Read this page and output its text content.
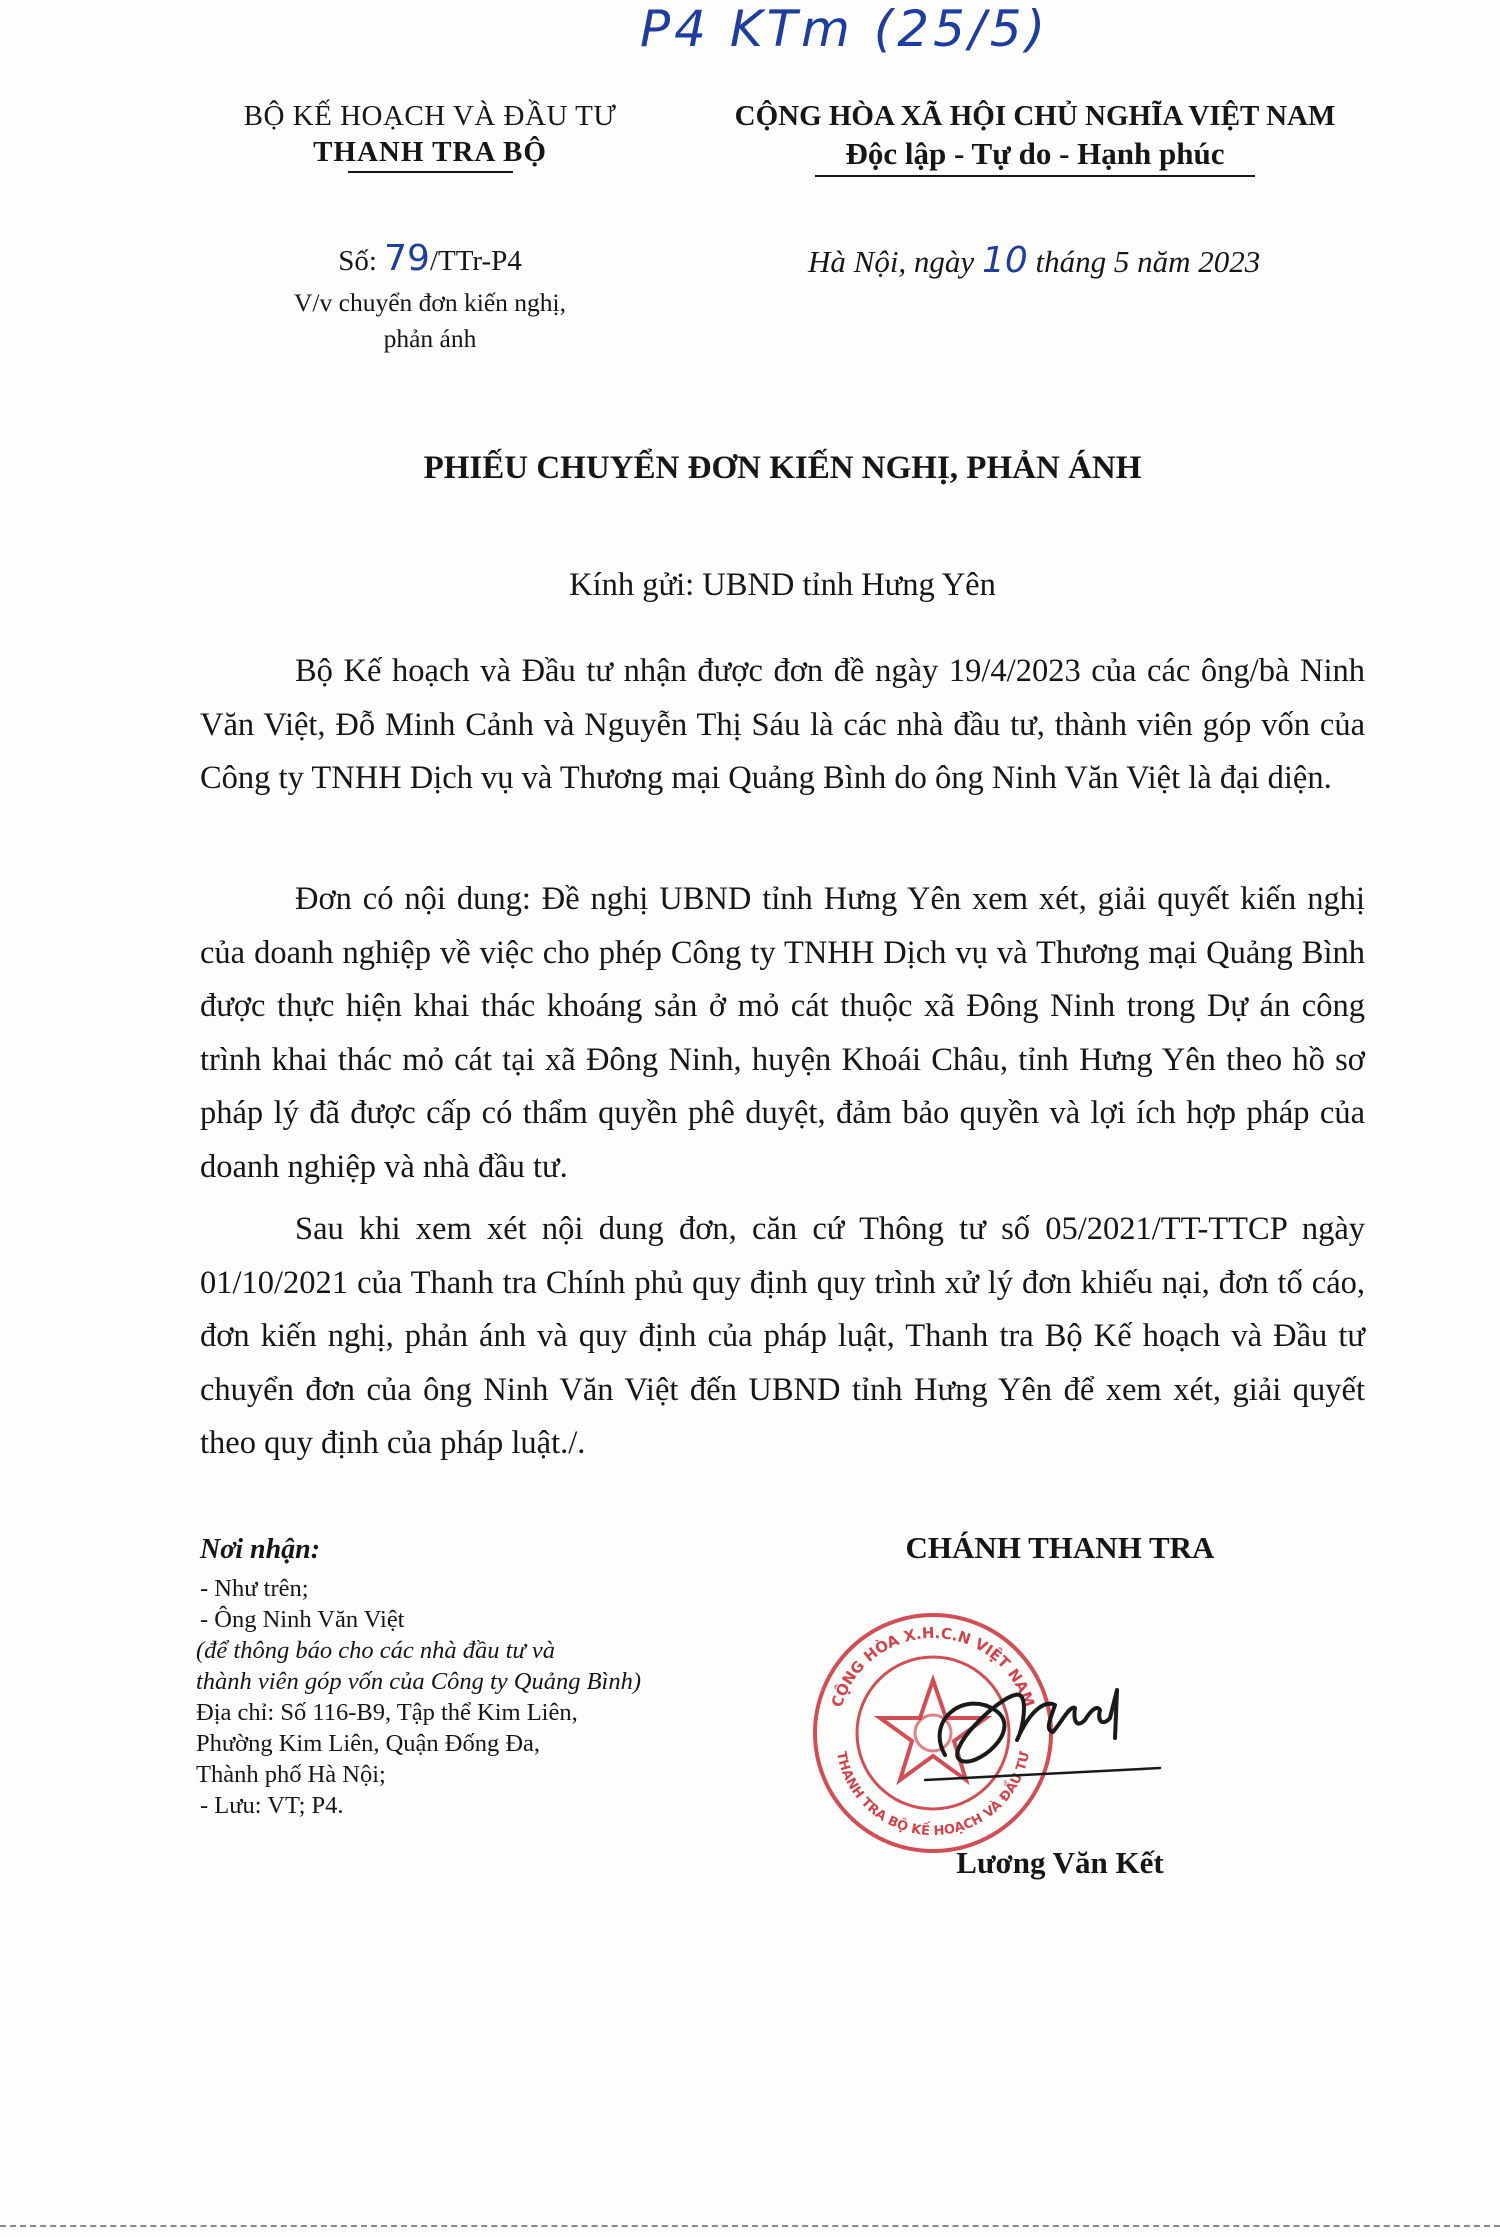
P4 KTm (25/5)
BỘ KẾ HOẠCH VÀ ĐẦU TƯ
THANH TRA BỘ
CỘNG HÒA XÃ HỘI CHỦ NGHĨA VIỆT NAM
Độc lập - Tự do - Hạnh phúc
Số: 79/TTr-P4
V/v chuyển đơn kiến nghị,
phản ánh
Hà Nội, ngày 10 tháng 5 năm 2023
PHIẾU CHUYỂN ĐƠN KIẾN NGHỊ, PHẢN ÁNH
Kính gửi: UBND tỉnh Hưng Yên

Bộ Kế hoạch và Đầu tư nhận được đơn đề ngày 19/4/2023 của các ông/bà Ninh Văn Việt, Đỗ Minh Cảnh và Nguyễn Thị Sáu là các nhà đầu tư, thành viên góp vốn của Công ty TNHH Dịch vụ và Thương mại Quảng Bình do ông Ninh Văn Việt là đại diện.

Đơn có nội dung: Đề nghị UBND tỉnh Hưng Yên xem xét, giải quyết kiến nghị của doanh nghiệp về việc cho phép Công ty TNHH Dịch vụ và Thương mại Quảng Bình được thực hiện khai thác khoáng sản ở mỏ cát thuộc xã Đông Ninh trong Dự án công trình khai thác mỏ cát tại xã Đông Ninh, huyện Khoái Châu, tỉnh Hưng Yên theo hồ sơ pháp lý đã được cấp có thẩm quyền phê duyệt, đảm bảo quyền và lợi ích hợp pháp của doanh nghiệp và nhà đầu tư.

Sau khi xem xét nội dung đơn, căn cứ Thông tư số 05/2021/TT-TTCP ngày 01/10/2021 của Thanh tra Chính phủ quy định quy trình xử lý đơn khiếu nại, đơn tố cáo, đơn kiến nghị, phản ánh và quy định của pháp luật, Thanh tra Bộ Kế hoạch và Đầu tư chuyển đơn của ông Ninh Văn Việt đến UBND tỉnh Hưng Yên để xem xét, giải quyết theo quy định của pháp luật./.

Nơi nhận:
- Như trên;
- Ông Ninh Văn Việt
(để thông báo cho các nhà đầu tư và
thành viên góp vốn của Công ty Quảng Bình)
Địa chỉ: Số 116-B9, Tập thể Kim Liên,
Phường Kim Liên, Quận Đống Đa,
Thành phố Hà Nội;
- Lưu: VT; P4.
CHÁNH THANH TRA
CỘNG HÒA X.H.C.N VIỆT NAM
THANH TRA BỘ KẾ HOẠCH VÀ ĐẦU TƯ
Lương Văn Kết
